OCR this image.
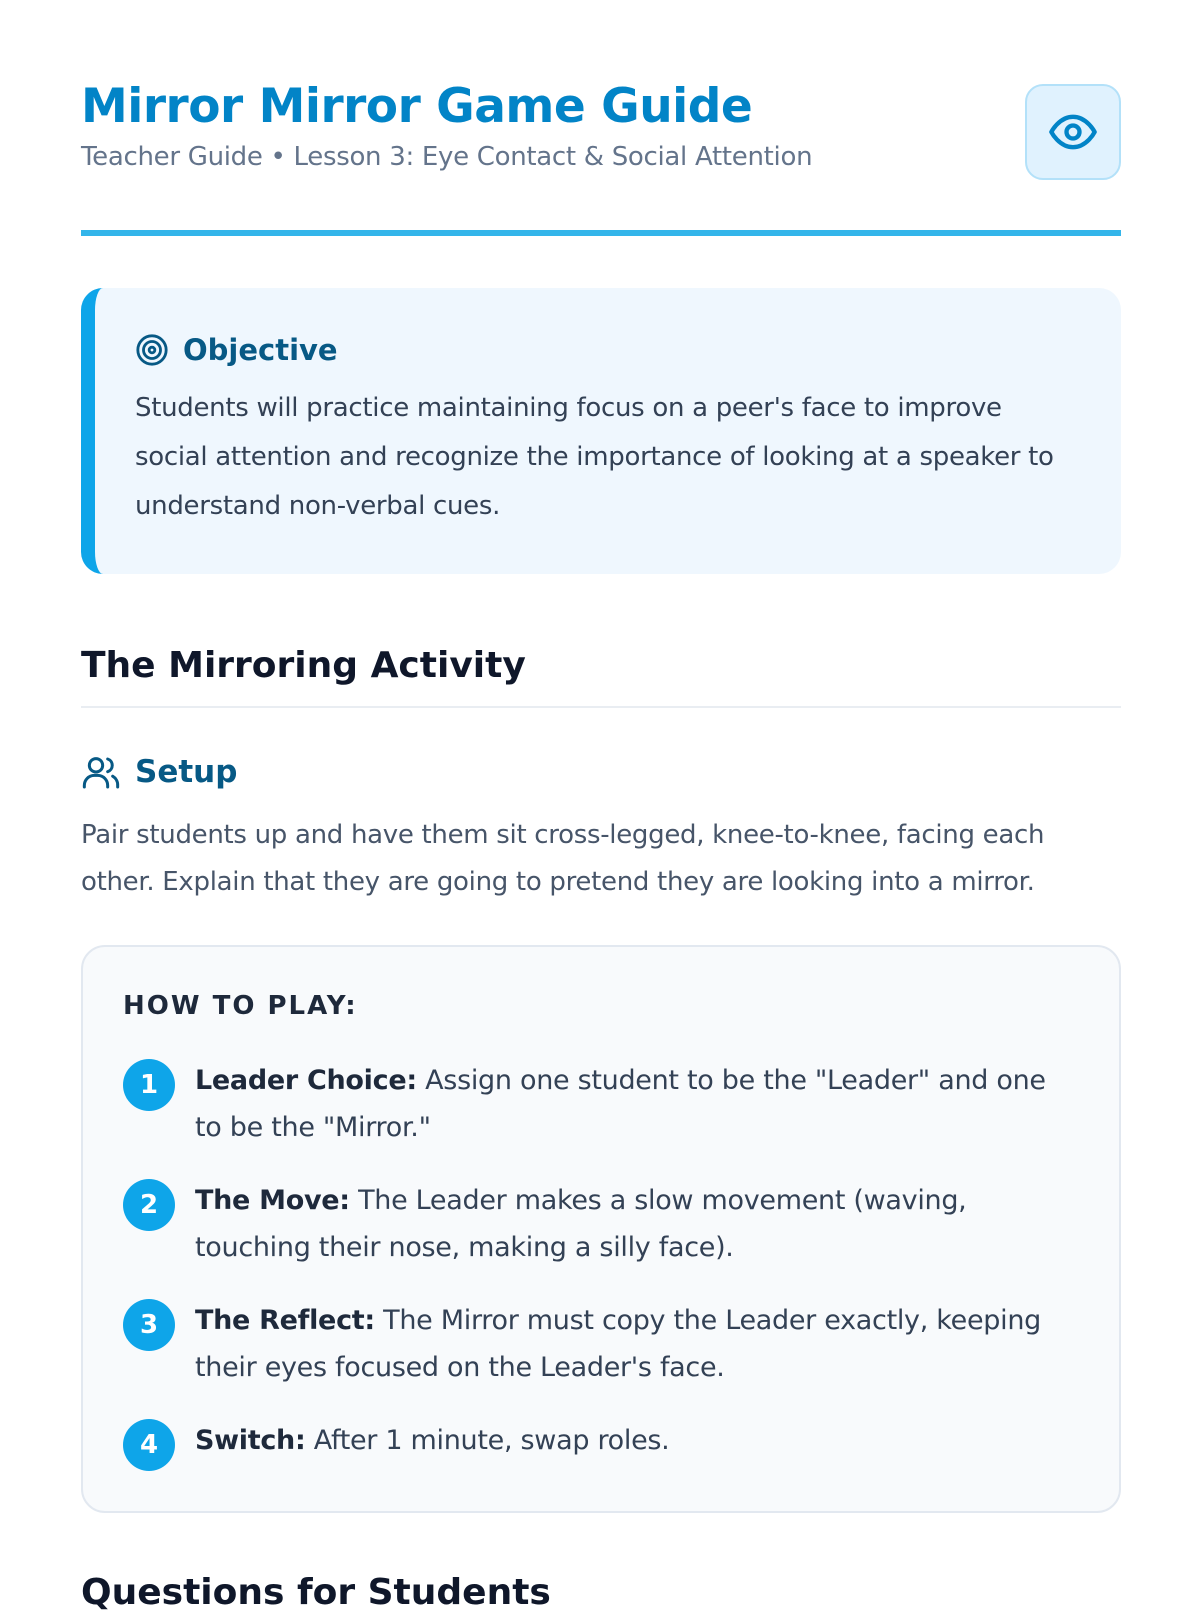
Mirror Mirror Game Guide
Teacher Guide • Lesson 3: Eye Contact & Social Attention
Objective
Students will practice maintaining focus on a peer's face to improve social attention and recognize the importance of looking at a speaker to understand non-verbal cues.
The Mirroring Activity
Setup

Pair students up and have them sit cross-legged, knee-to-knee, facing each other. Explain that they are going to pretend they are looking into a mirror.

HOW TO PLAY:
1	Leader Choice: Assign one student to be the "Leader" and one to be the "Mirror."
2	The Move: The Leader makes a slow movement (waving, touching their nose, making a silly face).
3	The Reflect: The Mirror must copy the Leader exactly, keeping their eyes focused on the Leader's face.
4	Switch: After 1 minute, swap roles.
Questions for Students
